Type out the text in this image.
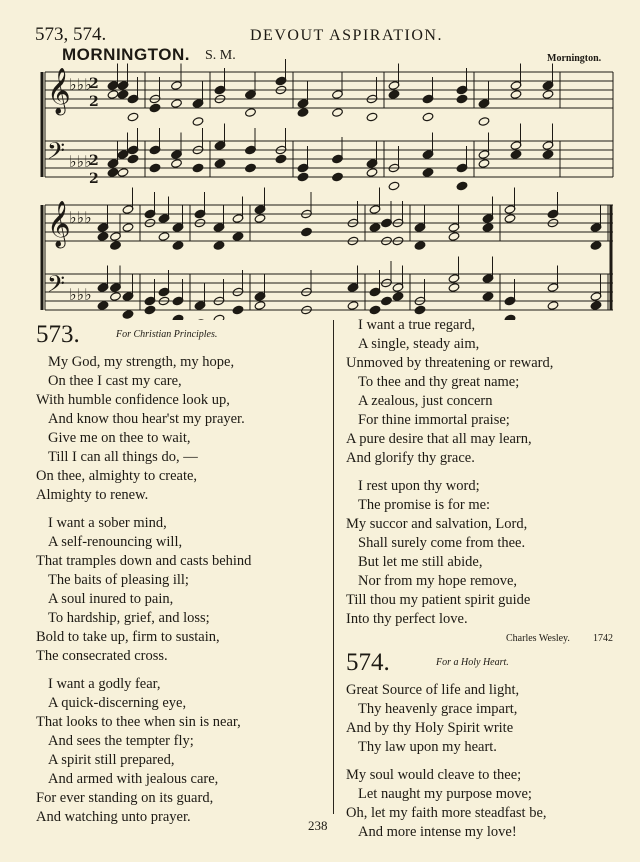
573, 574.	DEVOUT ASPIRATION.
MORNINGTON. S. M.	Mornington.
𝄞
♭♭♭
2
2
𝄢 ♭♭♭
2
2
𝄞
♭♭♭
𝄢 ♭♭♭
573.	For Christian Principles.
My God, my strength, my hope,
On thee I cast my care,
With humble confidence look up,
And know thou hear'st my prayer.
Give me on thee to wait,
Till I can all things do, —
On thee, almighty to create,
Almighty to renew.
I want a sober mind,
A self-renouncing will,
That tramples down and casts behind
The baits of pleasing ill;
A soul inured to pain,
To hardship, grief, and loss;
Bold to take up, firm to sustain,
The consecrated cross.
I want a godly fear,
A quick-discerning eye,
That looks to thee when sin is near,
And sees the tempter fly;
A spirit still prepared,
And armed with jealous care,
For ever standing on its guard,
And watching unto prayer.
I want a true regard,
A single, steady aim,
Unmoved by threatening or reward,
To thee and thy great name;
A zealous, just concern
For thine immortal praise;
A pure desire that all may learn,
And glorify thy grace.
I rest upon thy word;
The promise is for me:
My succor and salvation, Lord,
Shall surely come from thee.
But let me still abide,
Nor from my hope remove,
Till thou my patient spirit guide
Into thy perfect love.
Charles Wesley. 1742
574.	For a Holy Heart.
Great Source of life and light,
Thy heavenly grace impart,
And by thy Holy Spirit write
Thy law upon my heart.
My soul would cleave to thee;
Let naught my purpose move;
Oh, let my faith more steadfast be,
And more intense my love!
238
